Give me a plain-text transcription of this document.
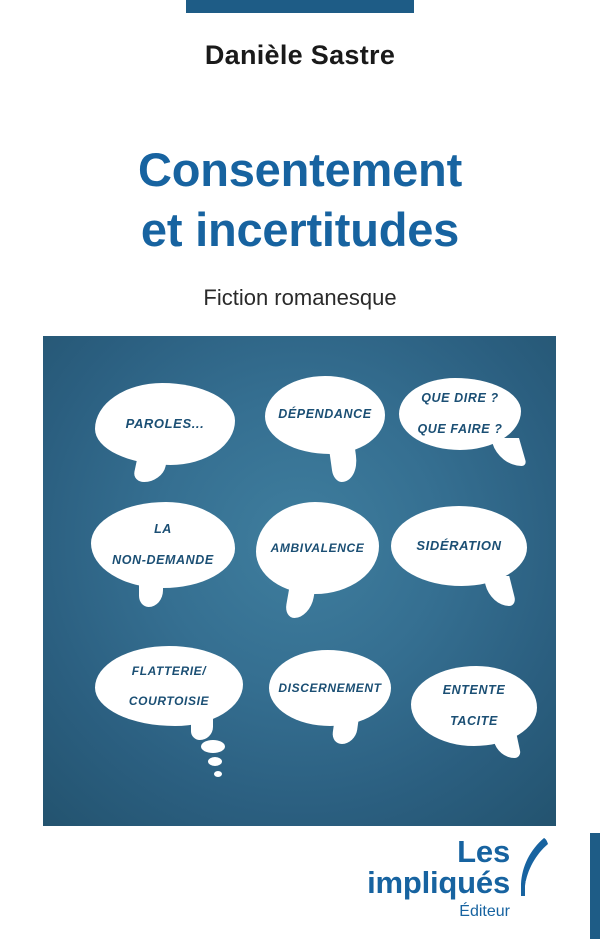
Danièle Sastre
Consentement
et incertitudes
Fiction romanesque
PAROLES...
DÉPENDANCE
QUE DIRE ?

QUE FAIRE ?
LA

NON-DEMANDE
AMBIVALENCE	SIDÉRATION
FLATTERIE/

COURTOISIE
DISCERNEMENT	ENTENTE

TACITE
Les impliqués
Éditeur
